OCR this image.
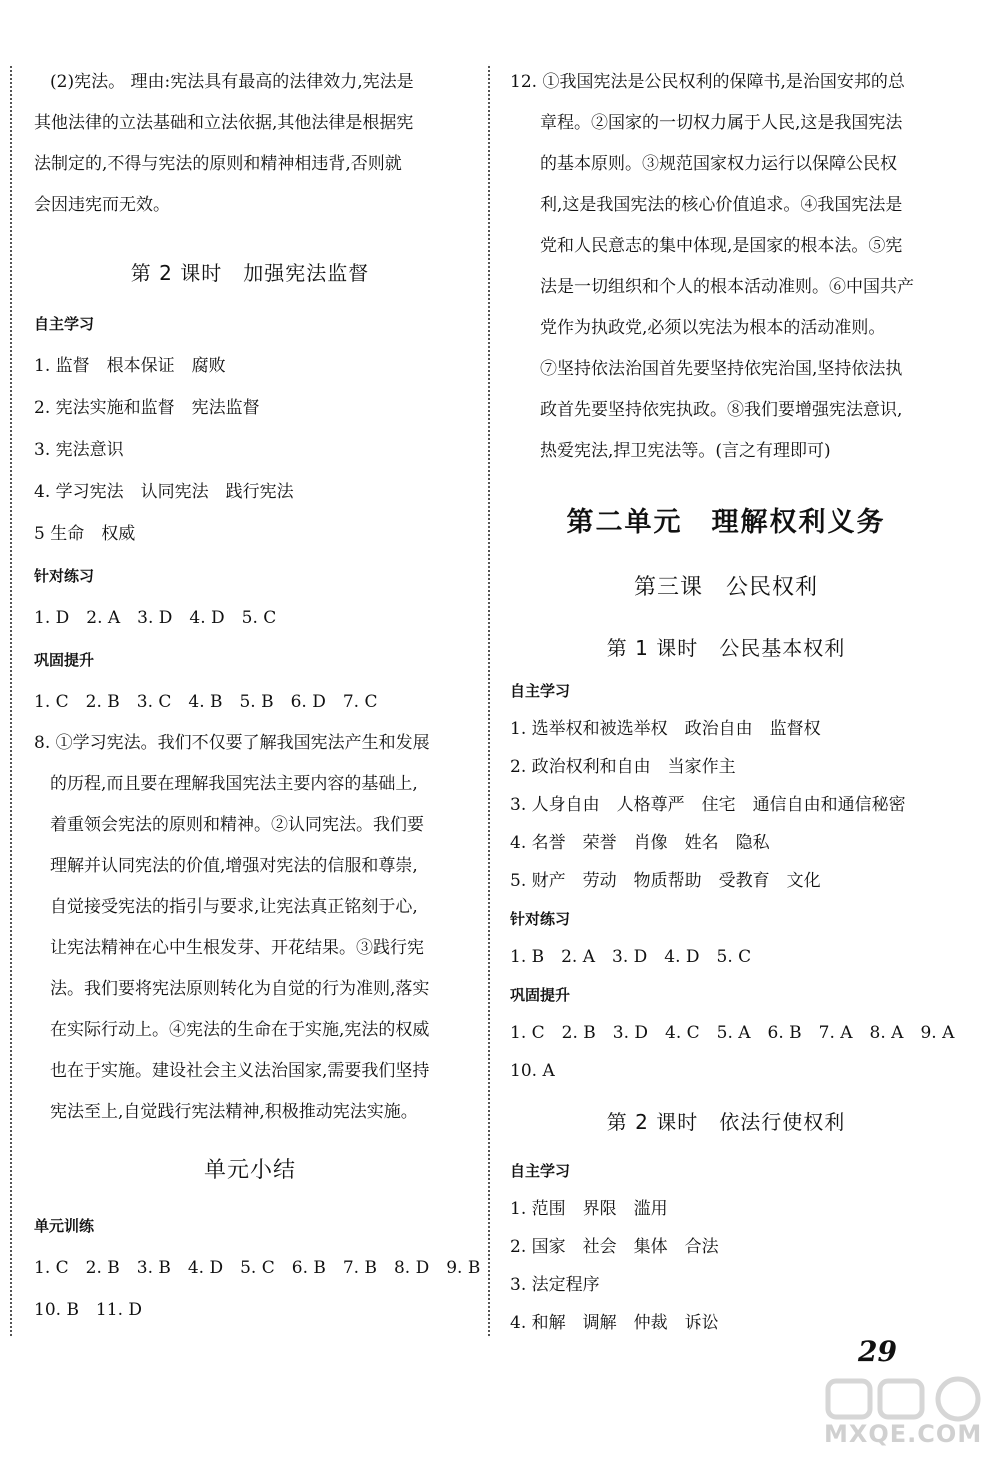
(2)宪法。 理由:宪法具有最高的法律效力,宪法是

其他法律的立法基础和立法依据,其他法律是根据宪

法制定的,不得与宪法的原则和精神相违背,否则就

会因违宪而无效。

第 2 课时　加强宪法监督
自主学习

1. 监督　根本保证　腐败

2. 宪法实施和监督　宪法监督

3. 宪法意识

4. 学习宪法　认同宪法　践行宪法

5 生命　权威

针对练习

1. D　2. A　3. D　4. D　5. C

巩固提升

1. C　2. B　3. C　4. B　5. B　6. D　7. C

8. ①学习宪法。我们不仅要了解我国宪法产生和发展

的历程,而且要在理解我国宪法主要内容的基础上,

着重领会宪法的原则和精神。②认同宪法。我们要

理解并认同宪法的价值,增强对宪法的信服和尊崇,

自觉接受宪法的指引与要求,让宪法真正铭刻于心,

让宪法精神在心中生根发芽、开花结果。③践行宪

法。我们要将宪法原则转化为自觉的行为准则,落实

在实际行动上。④宪法的生命在于实施,宪法的权威

也在于实施。建设社会主义法治国家,需要我们坚持

宪法至上,自觉践行宪法精神,积极推动宪法实施。

单元小结
单元训练

1. C　2. B　3. B　4. D　5. C　6. B　7. B　8. D　9. B

10. B　11. D

12. ①我国宪法是公民权利的保障书,是治国安邦的总

章程。②国家的一切权力属于人民,这是我国宪法

的基本原则。③规范国家权力运行以保障公民权

利,这是我国宪法的核心价值追求。④我国宪法是

党和人民意志的集中体现,是国家的根本法。⑤宪

法是一切组织和个人的根本活动准则。⑥中国共产

党作为执政党,必须以宪法为根本的活动准则。

⑦坚持依法治国首先要坚持依宪治国,坚持依法执

政首先要坚持依宪执政。⑧我们要增强宪法意识,

热爱宪法,捍卫宪法等。(言之有理即可)

第二单元　理解权利义务
第三课　公民权利
第 1 课时　公民基本权利
自主学习

1. 选举权和被选举权　政治自由　监督权

2. 政治权利和自由　当家作主

3. 人身自由　人格尊严　住宅　通信自由和通信秘密

4. 名誉　荣誉　肖像　姓名　隐私

5. 财产　劳动　物质帮助　受教育　文化

针对练习

1. B　2. A　3. D　4. D　5. C

巩固提升

1. C　2. B　3. D　4. C　5. A　6. B　7. A　8. A　9. A

10. A

第 2 课时　依法行使权利
自主学习

1. 范围　界限　滥用

2. 国家　社会　集体　合法

3. 法定程序

4. 和解　调解　仲裁　诉讼

29
MXQE.COM
